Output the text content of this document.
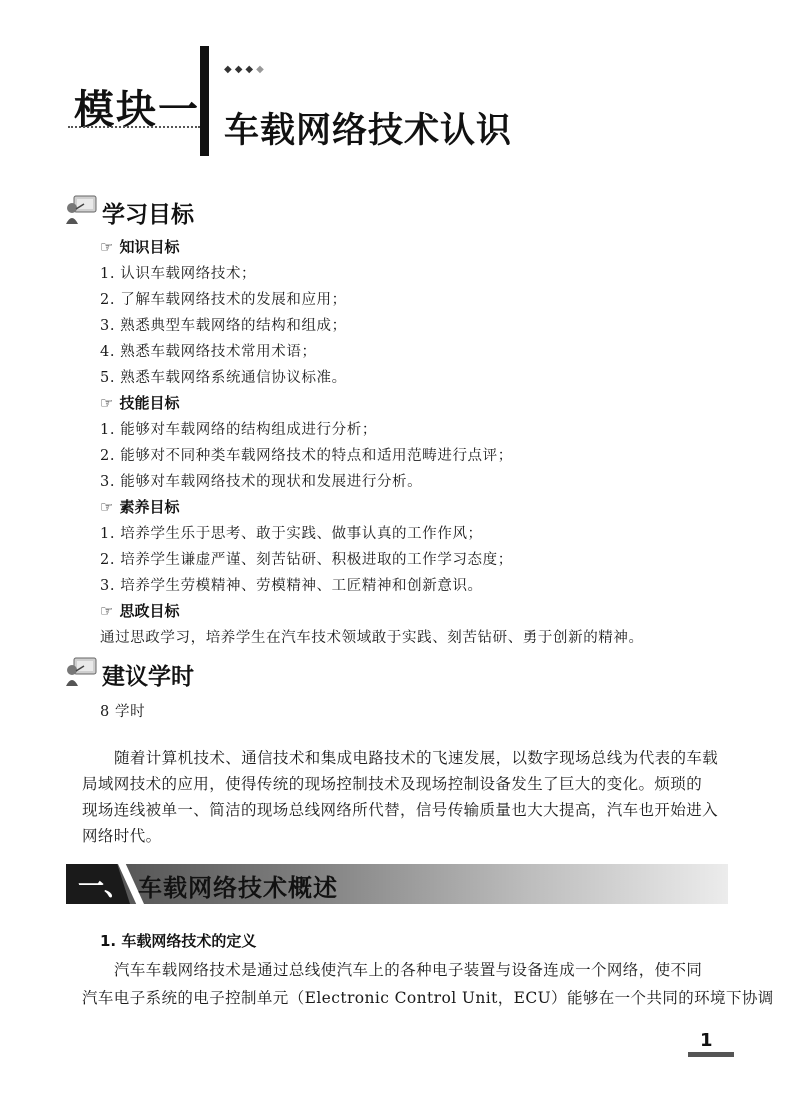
模块一
◆◆◆◆
车载网络技术认识
学习目标
☞ 知识目标
1. 认识车载网络技术；
2. 了解车载网络技术的发展和应用；
3. 熟悉典型车载网络的结构和组成；
4. 熟悉车载网络技术常用术语；
5. 熟悉车载网络系统通信协议标准。
☞ 技能目标
1. 能够对车载网络的结构组成进行分析；
2. 能够对不同种类车载网络技术的特点和适用范畴进行点评；
3. 能够对车载网络技术的现状和发展进行分析。
☞ 素养目标
1. 培养学生乐于思考、敢于实践、做事认真的工作作风；
2. 培养学生谦虚严谨、刻苦钻研、积极进取的工作学习态度；
3. 培养学生劳模精神、劳模精神、工匠精神和创新意识。
☞ 思政目标
通过思政学习，培养学生在汽车技术领域敢于实践、刻苦钻研、勇于创新的精神。
建议学时
8 学时
随着计算机技术、通信技术和集成电路技术的飞速发展，以数字现场总线为代表的车载
局域网技术的应用，使得传统的现场控制技术及现场控制设备发生了巨大的变化。烦琐的
现场连线被单一、简洁的现场总线网络所代替，信号传输质量也大大提高，汽车也开始进入
网络时代。
一、 车载网络技术概述
1. 车载网络技术的定义
汽车车载网络技术是通过总线使汽车上的各种电子装置与设备连成一个网络，使不同
汽车电子系统的电子控制单元（Electronic Control Unit，ECU）能够在一个共同的环境下协调
1
